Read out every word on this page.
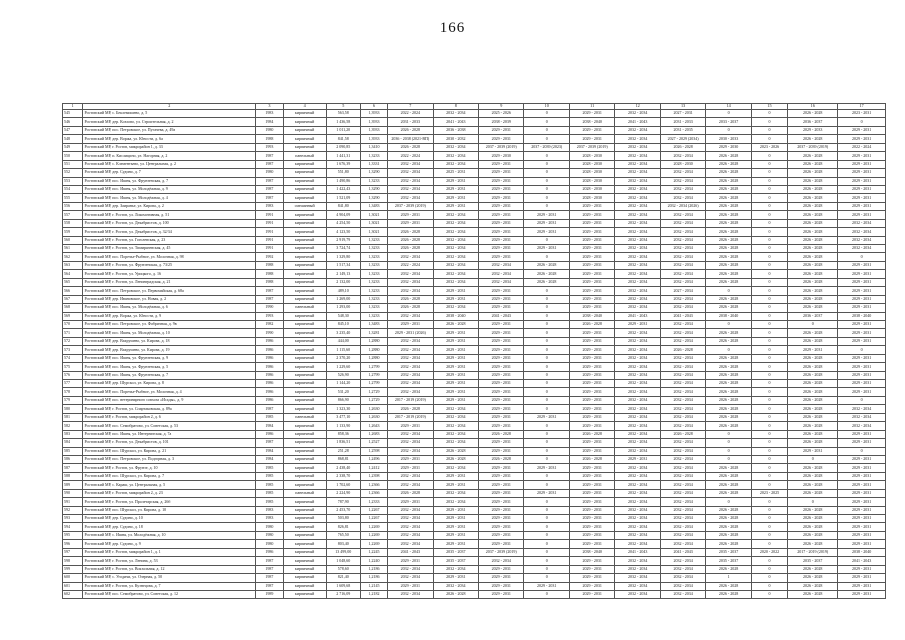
166
1	2	3	4	5	6	7	8	9	10	11	12	13	14	15	16	17
545	Ростовский МР, с. Беклемишево, д. 5	1983	кирпичный	563,58	1,3933	2022 - 2024	2032 - 2034	2025 - 2026	0	2029 - 2031	2032 - 2034	2027 - 2031	0	0	2026 - 2028	2023 - 2031
546	Ростовский МР, дер. Козлово, ул. Строительная, д. 2	1984	кирпичный	1 436,58	1,3933	2031 - 2033	2041 - 2043	2038 - 2039	0	2038 - 2040	2041 - 2043	2031 - 2033	2033 - 2037	0	2036 - 2037	0
547	Ростовский МР, пос. Петровское, ул. Пугачева, д. 49а	1980	кирпичный	1 011,20	1,3933	2026 - 2028	2036 - 2038	2029 - 2031	0	2029 - 2031	2032 - 2034	2031 - 2035	0	0	2029 - 2033	2029 - 2031
548	Ростовский МР, дер. Воржа, ул. Юности, д. 6а	1988	кирпичный	841,58	1,3933	2036 - 2038 (2021-ВП)	2030 - 2032	2029 - 2031	0	2029 - 2031	2032 - 2034	2027 - 2029 (2034)	2030 - 2033	0	2026 - 2028	2029 - 2031
549	Ростовский МР, г. Ростов, микрорайон 1, д. 33	1993	кирпичный	2 090,85	1,3410	2026 - 2028	2032 - 2034	2037 - 2039 (2019)	2037 - 2039 (2023)	2037 - 2039 (2019)	2032 - 2034	2026 - 2028	2029 - 2030	2023 - 2026	2037 - 2039 (2019)	2022 - 2024
550	Ростовский МР, п. Кислицино, ул. Нагорная, д. 2	1987	панельный	1 441,31	1,3233	2022 - 2024	2032 - 2034	2029 - 2030	0	2028 - 2030	2032 - 2034	2032 - 2034	2026 - 2028	0	2026 - 2028	2029 - 2031
551	Ростовский МР, с. Клементьево, ул. Центральная, д. 2	1987	кирпичный	1 676,39	1,3331	2032 - 2034	2032 - 2034	2029 - 2031	0	2028 - 2030	2032 - 2034	2028 - 2030	2026 - 2028	0	2026 - 2028	2029 - 2031
552	Ростовский МР, дер. Судино, д. 7	1980	кирпичный	551,80	1,3290	2032 - 2034	2025 - 2031	2029 - 2031	0	2028 - 2030	2032 - 2034	2032 - 2034	2026 - 2028	0	2026 - 2028	2029 - 2031
553	Ростовский МР, пос. Ишня, ул. Фрунзенская, д. 7	1987	кирпичный	1 490,86	1,3233	2032 - 2034	2029 - 2031	2029 - 2031	0	2028 - 2030	2032 - 2034	2032 - 2034	2026 - 2028	0	2026 - 2028	2029 - 2031
554	Ростовский МР, пос. Ишня, ул. Молодёжная, д. 9	1987	кирпичный	1 422,43	1,3290	2032 - 2034	2029 - 2031	2029 - 2031	0	2028 - 2030	2032 - 2034	2032 - 2034	2026 - 2028	0	2026 - 2028	2029 - 2031
555	Ростовский МР, пос. Ишня, ул. Молодёжная, д. 4	1987	кирпичный	1 521,09	1,3290	2032 - 2034	2029 - 2031	2029 - 2031	0	2028 - 2030	2032 - 2034	2032 - 2034	2026 - 2028	0	2026 - 2028	2029 - 2031
556	Ростовский МР, дер. Заиранье, ул. Кирова, д. 2	1983	смешанный	841,80	1,3483	2037 - 2039 (2019)	2029 - 2031	2029 - 2031	0	2029 - 2031	2032 - 2034	2032 - 2034 (2026)	2026 - 2028	0	2026 - 2028	2029 - 2031
557	Ростовский МР, г. Ростов, ул. Локомотивная, д. 51	1991	кирпичный	4 904,09	1,3021	2029 - 2031	2032 - 2034	2029 - 2031	2029 - 2031	2029 - 2031	2032 - 2034	2032 - 2034	2026 - 2028	0	2026 - 2028	2029 - 2031
558	Ростовский МР, г. Ростов, ул. Декабристов, д. 100	1991	кирпичный	4 254,50	1,3021	2029 - 2031	2032 - 2034	2029 - 2031	2029 - 2031	2029 - 2031	2032 - 2034	2032 - 2034	2026 - 2028	0	2026 - 2028	2032 - 2034
559	Ростовский МР, г. Ростов, ул. Декабристов, д. 32/34	1991	кирпичный	4 123,50	1,3021	2026 - 2028	2032 - 2034	2029 - 2031	2029 - 2031	2029 - 2031	2032 - 2034	2032 - 2034	2026 - 2028	0	2026 - 2028	2032 - 2034
560	Ростовский МР, г. Ростов, ул. Гоголевская, д. 23	1991	кирпичный	2 919,79	1,3233	2026 - 2028	2032 - 2034	2029 - 2031	0	2029 - 2031	2032 - 2034	2032 - 2034	2026 - 2028	0	2026 - 2028	2032 - 2034
561	Ростовский МР, г. Ростов, ул. Тимирязевская, д. 45	1991	кирпичный	3 724,74	1,3233	2026 - 2028	2032 - 2034	2029 - 2031	2029 - 2031	2029 - 2031	2032 - 2034	2032 - 2034	2026 - 2028	0	2026 - 2028	2032 - 2034
562	Ростовский МР, пос. Поречье-Рыбное, ул. Молочная, д. 98	1992	кирпичный	1 329,80	1,3233	2032 - 2034	2032 - 2034	2029 - 2031	0	2029 - 2031	2032 - 2034	2032 - 2034	2026 - 2028	0	2026 - 2028	0
563	Ростовский МР, г. Ростов, ул. Фрунзенская, д. 73/25	1988	кирпичный	1 517,34	1,3233	2022 - 2024	2032 - 2034	2032 - 2034	2026 - 2028	2029 - 2031	2032 - 2034	2032 - 2034	2026 - 2028	0	2026 - 2028	2029 - 2031
564	Ростовский МР, г. Ростов, ул. Урицкого, д. 16	1988	кирпичный	2 149,13	1,3233	2032 - 2034	2032 - 2034	2032 - 2034	2026 - 2028	2029 - 2031	2032 - 2034	2032 - 2034	2026 - 2028	0	2026 - 2028	2029 - 2031
565	Ростовский МР, г. Ростов, ул. Ленинградская, д. 21	1988	кирпичный	2 132,00	1,3233	2032 - 2034	2032 - 2034	2032 - 2034	2026 - 2028	2029 - 2031	2032 - 2034	2032 - 2034	2026 - 2028	0	2026 - 2028	2029 - 2031
566	Ростовский МР, пос. Петровское, ул. Первомайская, д. 68а	1987	кирпичный	489,10	1,3233	2032 - 2034	2029 - 2031	2029 - 2031	0	2029 - 2031	2032 - 2034	2027 - 2034	0	0	2026 - 2028	2029 - 2031
567	Ростовский МР, дер. Ивановское, ул. Новая, д. 2	1987	кирпичный	1 269,00	1,3233	2026 - 2028	2029 - 2031	2029 - 2031	0	2029 - 2031	2032 - 2034	2032 - 2034	2026 - 2028	0	2026 - 2028	2029 - 2031
568	Ростовский МР, пос. Ишня, ул. Молодёжная, д. 6	1990	панельный	1 293,00	1,3233	2026 - 2028	2032 - 2034	2029 - 2031	0	2029 - 2031	2032 - 2034	2032 - 2034	2026 - 2028	0	2026 - 2028	2029 - 2031
569	Ростовский МР, дер. Воржа, ул. Юности, д. 9	1993	кирпичный	548,30	1,3233	2032 - 2034	2038 - 2040	2041 - 2043	0	2038 - 2040	2041 - 2043	2041 - 2043	2038 - 2040	0	2036 - 2037	2038 - 2040
570	Ростовский МР, пос. Петровское, ул. Фабричная, д. 9в	1982	кирпичный	845,10	1,3483	2029 - 2031	2026 - 2028	2029 - 2031	0	2026 - 2028	2029 - 2031	2032 - 2034	0	0	0	2029 - 2031
571	Ростовский МР, пос. Ишня, ул. Молодёжная, д. 10	1990	кирпичный	3 235,40	1,3281	2029 - 2031 (2026)	2029 - 2031	2029 - 2031	0	2029 - 2031	2032 - 2034	2032 - 2034	2026 - 2028	0	2026 - 2028	2029 - 2031
572	Ростовский МР, дер. Вахрушево, ул. Кирова, д. 18	1986	кирпичный	444,00	1,2880	2032 - 2034	2029 - 2031	2029 - 2031	0	2029 - 2031	2032 - 2034	2032 - 2034	2026 - 2028	0	2026 - 2028	2029 - 2031
573	Ростовский МР, дер. Вахрушево, ул. Кирова, д. 19	1986	кирпичный	1 115,60	1,2880	2032 - 2034	2029 - 2031	2029 - 2031	0	2029 - 2031	2032 - 2034	2026 - 2028	0	0	2029 - 2031	0
574	Ростовский МР, пос. Ишня, ул. Фрунзенская, д. 9	1986	кирпичный	2 370,20	1,2880	2032 - 2034	2029 - 2031	2029 - 2031	0	2029 - 2031	2032 - 2034	2032 - 2034	2026 - 2028	0	2026 - 2028	2029 - 2031
575	Ростовский МР, пос. Ишня, ул. Фрунзенская, д. 5	1986	кирпичный	1 229,60	1,2799	2032 - 2034	2029 - 2031	2029 - 2031	0	2029 - 2031	2032 - 2034	2032 - 2034	2026 - 2028	0	2026 - 2028	2029 - 2031
576	Ростовский МР, пос. Ишня, ул. Фрунзенская, д. 7	1986	кирпичный	526,90	1,2799	2032 - 2034	2029 - 2031	2029 - 2031	0	2029 - 2031	2032 - 2034	2032 - 2034	2026 - 2028	0	2026 - 2028	2029 - 2031
577	Ростовский МР, дер. Шурскол, ул. Кирова, д. 8	1986	кирпичный	1 144,20	1,2799	2032 - 2034	2029 - 2031	2029 - 2031	0	2029 - 2031	2032 - 2034	2032 - 2034	2026 - 2028	0	2026 - 2028	2029 - 2031
578	Ростовский МР, пос. Поречье-Рыбное, ул. Молочная, д. 4	1986	кирпичный	531,20	1,2729	2032 - 2034	2029 - 2031	2029 - 2031	0	2029 - 2031	2032 - 2034	2032 - 2034	2026 - 2028	0	2026 - 2028	2029 - 2031
579	Ростовский МР, пос. ветеринарного совхоза «Исады», д. 9	1986	кирпичный	866,90	1,2729	2017 - 2019 (2019)	2029 - 2031	2029 - 2031	0	2029 - 2031	2032 - 2034	2032 - 2034	2026 - 2028	0	2026 - 2028	0
580	Ростовский МР, г. Ростов, ул. Спартаковская, д. 89а	1987	кирпичный	1 323,30	1,2630	2026 - 2028	2032 - 2034	2029 - 2031	0	2029 - 2031	2032 - 2034	2032 - 2034	2026 - 2028	0	2026 - 2028	2032 - 2034
581	Ростовский МР, г. Ростов, микрорайон 2, д. 6	1985	панельный	3 477,10	1,2630	2017 - 2019 (2019)	2032 - 2034	2029 - 2031	2029 - 2031	2029 - 2031	2032 - 2034	2032 - 2034	2026 - 2028	0	2026 - 2028	2032 - 2034
582	Ростовский МР, пос. Семибратово, ул. Советская, д. 53	1984	кирпичный	1 133,90	1,2643	2029 - 2031	2032 - 2034	2029 - 2031	0	2029 - 2031	2032 - 2034	2032 - 2034	2026 - 2028	0	2026 - 2028	2032 - 2034
583	Ростовский МР, пос. Ишня, ул. Интернатская, д. 7а	1986	кирпичный	858,36	1,2683	2032 - 2034	2032 - 2034	2026 - 2028	0	2026 - 2028	2032 - 2034	2026 - 2028	0	0	2026 - 2028	2029 - 2031
584	Ростовский МР, г. Ростов, ул. Декабристов, д. 101	1987	кирпичный	1 836,51	1,2527	2032 - 2034	2032 - 2034	2029 - 2031	0	2029 - 2031	2032 - 2034	2032 - 2034	0	0	2026 - 2028	2029 - 2031
585	Ростовский МР, пос. Шурскол, ул. Кирова, д. 21	1984	кирпичный	251,28	1,2598	2032 - 2034	2026 - 2028	2029 - 2031	0	2029 - 2031	2032 - 2034	2032 - 2034	0	0	2029 - 2031	0
586	Ростовский МР, пос. Петровское, ул. Подгорная, д. 3	1984	кирпичный	868,81	1,2496	2029 - 2031	2026 - 2028	2026 - 2028	0	2026 - 2028	2029 - 2031	2032 - 2034	0	0	0	2029 - 2031
587	Ростовский МР, г. Ростов, ул. Фрунзе, д. 10	1985	кирпичный	2 438,40	1,2412	2029 - 2031	2032 - 2034	2029 - 2031	2029 - 2031	2029 - 2031	2032 - 2034	2032 - 2034	2026 - 2028	0	2026 - 2028	2029 - 2031
588	Ростовский МР, пос. Шурскол, ул. Кирова, д. 7	1985	кирпичный	2 338,70	1,2398	2032 - 2034	2029 - 2031	2029 - 2031	0	2029 - 2031	2032 - 2034	2032 - 2034	2026 - 2028	0	2026 - 2028	2029 - 2031
589	Ростовский МР, с. Караш, ул. Центральная, д. 5	1985	кирпичный	1 702,60	1,2366	2032 - 2034	2029 - 2031	2029 - 2031	0	2029 - 2031	2032 - 2034	2032 - 2034	2026 - 2028	0	2026 - 2028	2029 - 2031
590	Ростовский МР, г. Ростов, микрорайон 2, д. 23	1985	панельный	2 224,90	1,2366	2026 - 2028	2032 - 2034	2029 - 2031	2029 - 2031	2029 - 2031	2032 - 2034	2032 - 2034	2026 - 2028	2023 - 2025	2026 - 2028	2029 - 2031
591	Ростовский МР, г. Ростов, ул. Пролетарская, д. 26б	1985	кирпичный	787,90	1,2333	2029 - 2031	2032 - 2034	2029 - 2031	0	2029 - 2031	2032 - 2034	2032 - 2034	0	0	0	2029 - 2031
592	Ростовский МР, пос. Шурскол, ул. Кирова, д. 10	1983	кирпичный	2 453,70	1,2267	2032 - 2034	2029 - 2031	2029 - 2031	0	2029 - 2031	2032 - 2034	2032 - 2034	2026 - 2028	0	2026 - 2028	2029 - 2031
593	Ростовский МР, дер. Судино, д. 10	1983	кирпичный	503,80	1,2267	2032 - 2034	2029 - 2031	2029 - 2031	0	2029 - 2031	2032 - 2034	2032 - 2034	2026 - 2028	0	2026 - 2028	2029 - 2031
594	Ростовский МР, дер. Судино, д. 18	1980	кирпичный	826,81	1,2269	2032 - 2034	2029 - 2031	2029 - 2031	0	2029 - 2031	2032 - 2034	2032 - 2034	2026 - 2028	0	2026 - 2028	2029 - 2031
595	Ростовский МР, с. Ишня, ул. Молодёжная, д. 10	1980	кирпичный	765,50	1,2269	2032 - 2034	2029 - 2031	2029 - 2031	0	2029 - 2031	2032 - 2034	2032 - 2034	2026 - 2028	0	2026 - 2028	2029 - 2031
596	Ростовский МР, дер. Судино, д. 9	1980	кирпичный	803,40	1,2269	2032 - 2034	2029 - 2031	2029 - 2031	0	2029 - 2031	2032 - 2034	2032 - 2034	2026 - 2028	0	2026 - 2028	2029 - 2031
597	Ростовский МР, г. Ростов, микрорайон 1, д. 1	1986	кирпичный	13 499,00	1,2245	2041 - 2043	2035 - 2037	2037 - 2039 (2019)	0	2038 - 2040	2041 - 2043	2041 - 2043	2035 - 2037	2020 - 2022	2017 - 2019 (2019)	2038 - 2040
598	Ростовский МР, г. Ростов, ул. Ленина, д. 53	1987	кирпичный	1 048,60	1,2240	2029 - 2031	2035 - 2037	2032 - 2034	0	2029 - 2031	2032 - 2034	2032 - 2034	2035 - 2037	0	2035 - 2037	2041 - 2043
599	Ростовский МР, г. Ростов, ул. Вокзальная, д. 12	1987	кирпичный	578,60	1,2186	2032 - 2034	2032 - 2034	2029 - 2031	0	2029 - 2031	2032 - 2034	2032 - 2034	2026 - 2028	0	2026 - 2028	2029 - 2031
600	Ростовский МР, с. Угодичи, ул. Озерная, д. 50	1987	кирпичный	821,40	1,2186	2032 - 2034	2029 - 2031	2029 - 2031	0	2029 - 2031	2032 - 2034	2032 - 2034	1	0	2026 - 2028	2029 - 2031
601	Ростовский МР, г. Ростов, ул. Кузнецова, д. 7	1987	кирпичный	1 609,68	1,2145	2029 - 2031	2032 - 2034	2029 - 2031	2029 - 2031	2029 - 2031	2032 - 2034	2032 - 2034	2026 - 2028	0	2026 - 2028	2029 - 2031
602	Ростовский МР, пос. Семибратово, ул. Советская, д. 12	1989	кирпичный	2 716,09	1,2182	2032 - 2034	2026 - 2028	2029 - 2031	0	2029 - 2031	2032 - 2034	2032 - 2034	2026 - 2028	0	2026 - 2028	2029 - 2031
